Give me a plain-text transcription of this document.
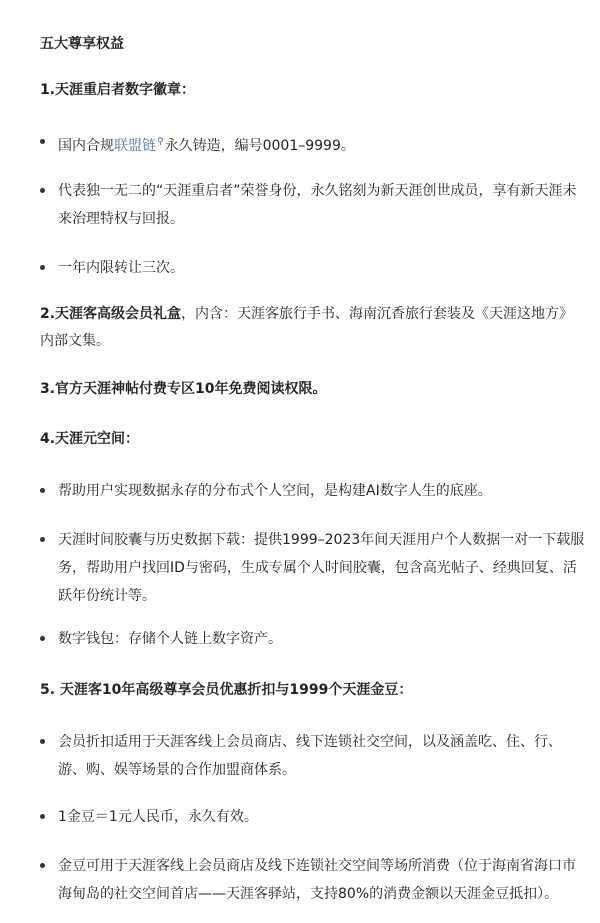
五大尊享权益
1.天涯重启者数字徽章：
国内合规联盟链⚲永久铸造，编号0001–9999。
代表独一无二的“天涯重启者”荣誉身份，永久铭刻为新天涯创世成员，享有新天涯未
来治理特权与回报。
一年内限转让三次。
2.天涯客高级会员礼盒，内含：天涯客旅行手书、海南沉香旅行套装及《天涯这地方》
内部文集。
3.官方天涯神帖付费专区10年免费阅读权限。
4.天涯元空间：
帮助用户实现数据永存的分布式个人空间，是构建AI数字人生的底座。
天涯时间胶囊与历史数据下载：提供1999–2023年间天涯用户个人数据一对一下载服
务，帮助用户找回ID与密码，生成专属个人时间胶囊，包含高光帖子、经典回复、活
跃年份统计等。
数字钱包：存储个人链上数字资产。
5. 天涯客10年高级尊享会员优惠折扣与1999个天涯金豆：
会员折扣适用于天涯客线上会员商店、线下连锁社交空间，以及涵盖吃、住、行、
游、购、娱等场景的合作加盟商体系。
1金豆＝1元人民币，永久有效。
金豆可用于天涯客线上会员商店及线下连锁社交空间等场所消费（位于海南省海口市
海甸岛的社交空间首店——天涯客驿站，支持80%的消费金额以天涯金豆抵扣）。
